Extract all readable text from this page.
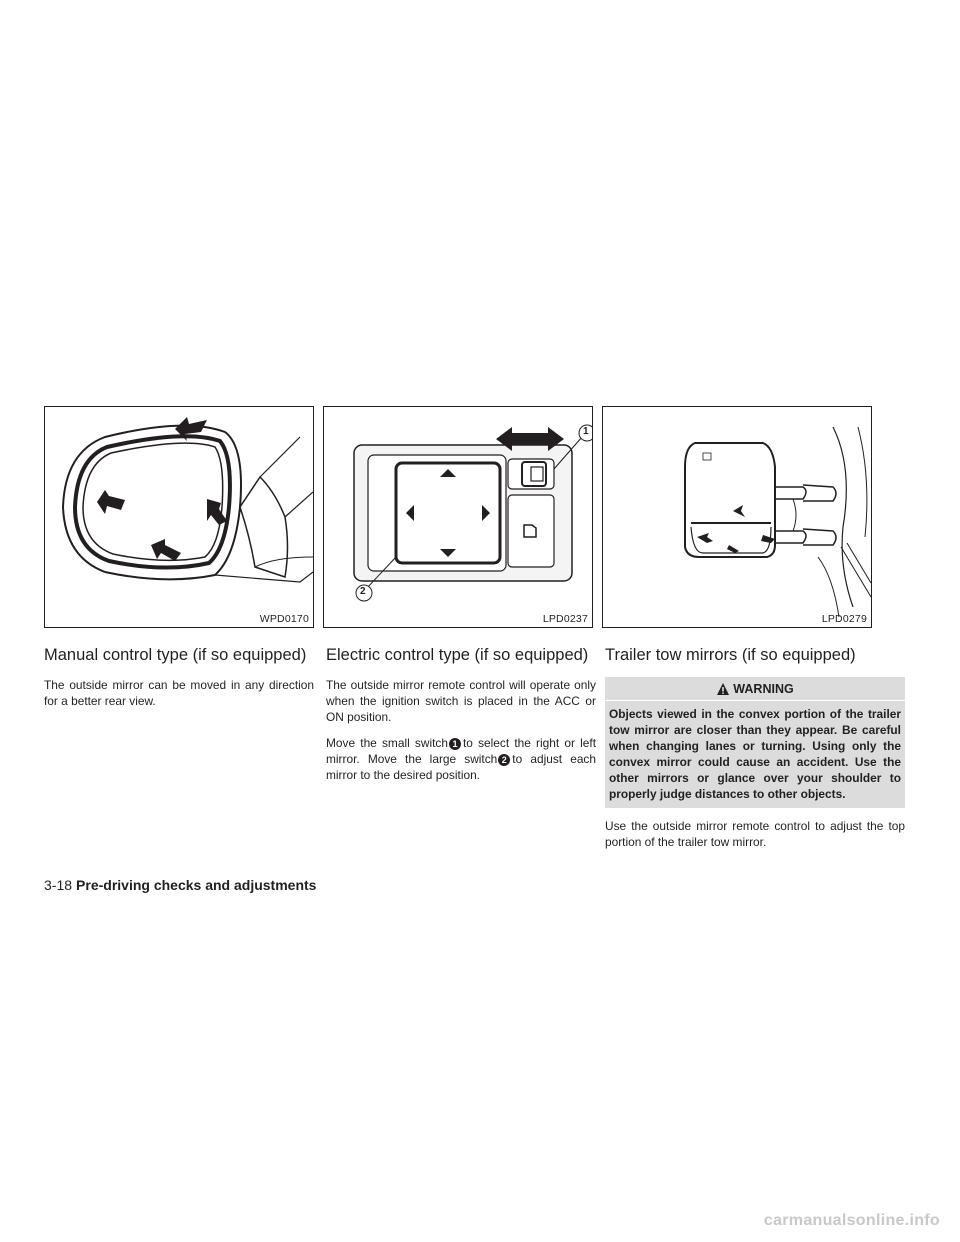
WPD0170
1
2
LPD0237	LPD0279
Manual control type (if so equipped)

The outside mirror can be moved in any direction for a better rear view.

Electric control type (if so equipped)

The outside mirror remote control will operate only when the ignition switch is placed in the ACC or ON position.

Move the small switch 1 to select the right or left mirror. Move the large switch 2 to adjust each mirror to the desired position.

Trailer tow mirrors (if so equipped)
WARNING
Objects viewed in the convex portion of the trailer tow mirror are closer than they appear. Be careful when changing lanes or turning. Using only the convex mirror could cause an accident. Use the other mirrors or glance over your shoulder to properly judge distances to other objects.

Use the outside mirror remote control to adjust the top portion of the trailer tow mirror.

3-18 Pre-driving checks and adjustments
carmanualsonline.info
